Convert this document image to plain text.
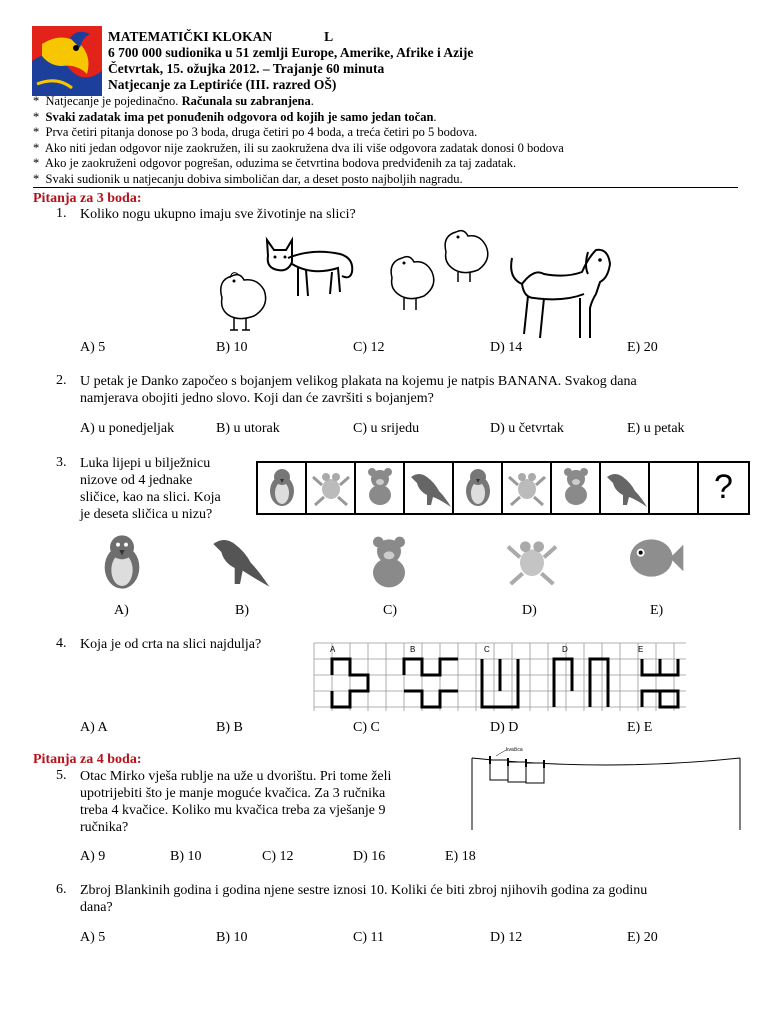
MATEMATIČKI KLOKAN	L
6 700 000 sudionika u 51 zemlji Europe, Amerike, Afrike i Azije
Četvrtak, 15. ožujka 2012. – Trajanje 60 minuta
Natjecanje za Leptiriće (III. razred OŠ)
* Natjecanje je pojedinačno. Računala su zabranjena.
* Svaki zadatak ima pet ponuđenih odgovora od kojih je samo jedan točan.
* Prva četiri pitanja donose po 3 boda, druga četiri po 4 boda, a treća četiri po 5 bodova.
* Ako niti jedan odgovor nije zaokružen, ili su zaokružena dva ili više odgovora zadatak donosi 0 bodova
* Ako je zaokruženi odgovor pogrešan, oduzima se četvrtina bodova predviđenih za taj zadatak.
* Svaki sudionik u natjecanju dobiva simboličan dar, a deset posto najboljih nagradu.
Pitanja za 3 boda:
1. Koliko nogu ukupno imaju sve životinje na slici?
A) 5	B) 10	C) 12	D) 14	E) 20
2. U petak je Danko započeo s bojanjem velikog plakata na kojemu je natpis BANANA. Svakog dana
namjerava obojiti jedno slovo. Koji dan će završiti s bojanjem?
A) u ponedjeljak	B) u utorak	C) u srijedu	D) u četvrtak	E) u petak
3. Luka lijepi u bilježnicu
nizove od 4 jednake
sličice, kao na slici. Koja
je deseta sličica u nizu?
?
A)	B)	C)	D)	E)
4. Koja je od crta na slici najdulja?	A	B	C	D	E
A) A	B) B	C) C	D) D	E) E
Pitanja za 4 boda:
5. Otac Mirko vješa rublje na uže u dvorištu. Pri tome želi
upotrijebiti što je manje moguće kvačica. Za 3 ručnika
treba 4 kvačice. Koliko mu kvačica treba za vješanje 9
ručnika?
kvačica
A) 9	B) 10	C) 12	D) 16	E) 18
6. Zbroj Blankinih godina i godina njene sestre iznosi 10. Koliki će biti zbroj njihovih godina za godinu
dana?
A) 5	B) 10	C) 11	D) 12	E) 20
